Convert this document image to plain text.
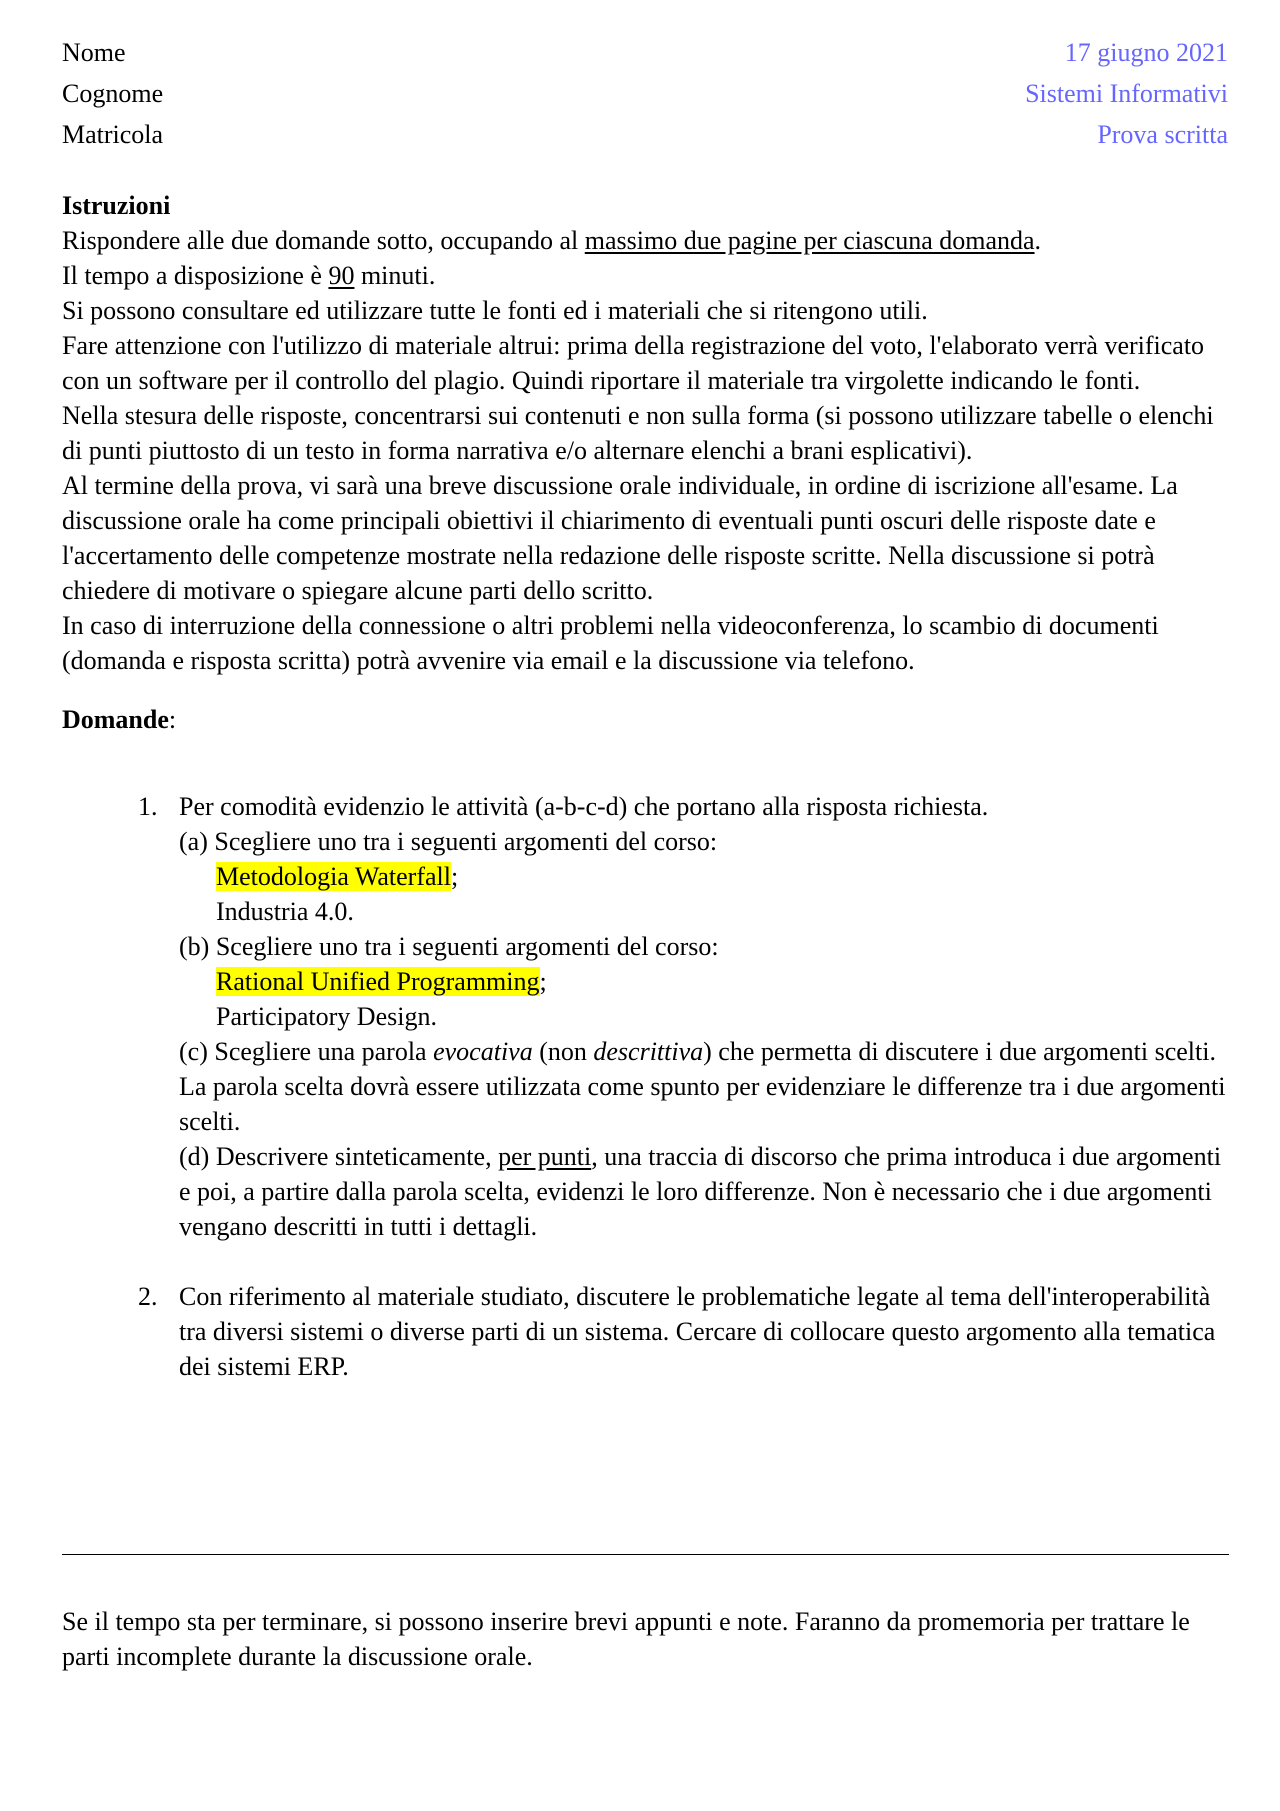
Nome
Cognome
Matricola
17 giugno 2021
Sistemi Informativi
Prova scritta
Istruzioni

Rispondere alle due domande sotto, occupando al massimo due pagine per ciascuna domanda.

Il tempo a disposizione è 90 minuti.

Si possono consultare ed utilizzare tutte le fonti ed i materiali che si ritengono utili.

Fare attenzione con l'utilizzo di materiale altrui: prima della registrazione del voto, l'elaborato verrà verificato con un software per il controllo del plagio. Quindi riportare il materiale tra virgolette indicando le fonti.

Nella stesura delle risposte, concentrarsi sui contenuti e non sulla forma (si possono utilizzare tabelle o elenchi di punti piuttosto di un testo in forma narrativa e/o alternare elenchi a brani esplicativi).

Al termine della prova, vi sarà una breve discussione orale individuale, in ordine di iscrizione all'esame. La discussione orale ha come principali obiettivi il chiarimento di eventuali punti oscuri delle risposte date e l'accertamento delle competenze mostrate nella redazione delle risposte scritte. Nella discussione si potrà chiedere di motivare o spiegare alcune parti dello scritto.

In caso di interruzione della connessione o altri problemi nella videoconferenza, lo scambio di documenti (domanda e risposta scritta) potrà avvenire via email e la discussione via telefono.

Domande:
1. Per comodità evidenzio le attività (a-b-c-d) che portano alla risposta richiesta.
(a) Scegliere uno tra i seguenti argomenti del corso:
Metodologia Waterfall;
Industria 4.0.
(b) Scegliere uno tra i seguenti argomenti del corso:
Rational Unified Programming;
Participatory Design.
(c) Scegliere una parola evocativa (non descrittiva) che permetta di discutere i due argomenti scelti. La parola scelta dovrà essere utilizzata come spunto per evidenziare le differenze tra i due argomenti scelti.
(d) Descrivere sinteticamente, per punti, una traccia di discorso che prima introduca i due argomenti e poi, a partire dalla parola scelta, evidenzi le loro differenze. Non è necessario che i due argomenti vengano descritti in tutti i dettagli.
2. Con riferimento al materiale studiato, discutere le problematiche legate al tema dell'interoperabilità tra diversi sistemi o diverse parti di un sistema. Cercare di collocare questo argomento alla tematica dei sistemi ERP.
Se il tempo sta per terminare, si possono inserire brevi appunti e note. Faranno da promemoria per trattare le parti incomplete durante la discussione orale.
